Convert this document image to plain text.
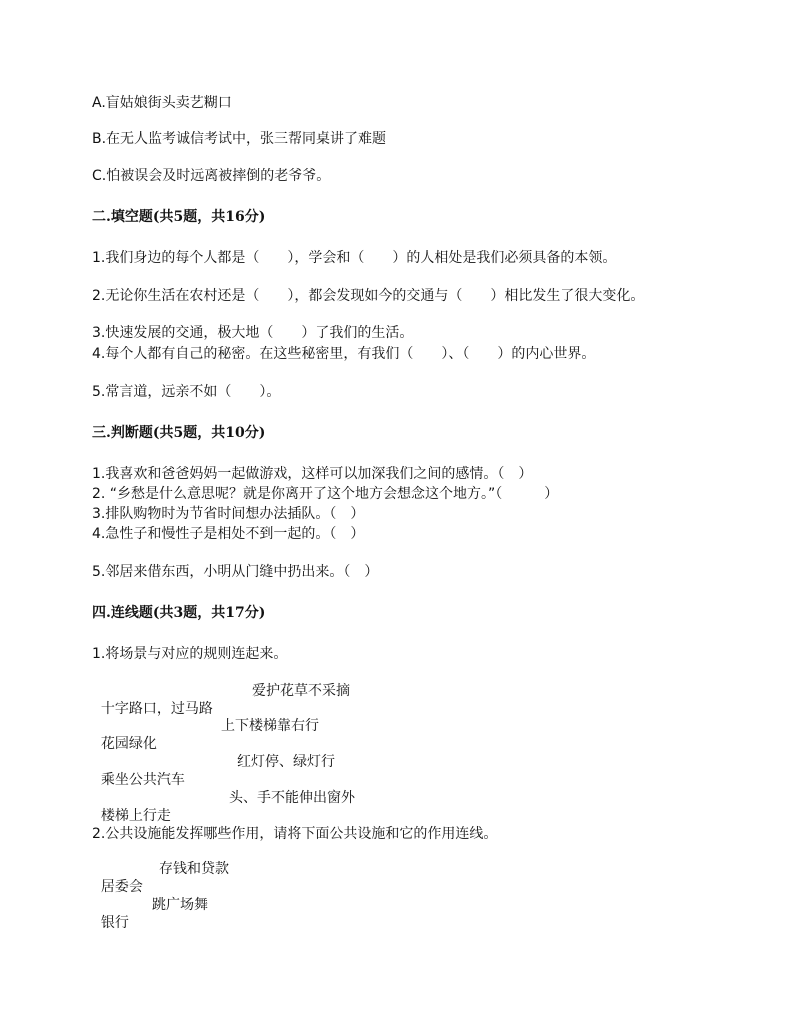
A.盲姑娘街头卖艺糊口
B.在无人监考诚信考试中，张三帮同桌讲了难题
C.怕被误会及时远离被摔倒的老爷爷。
二.填空题(共5题，共16分)
1.我们身边的每个人都是（　　），学会和（　　）的人相处是我们必须具备的本领。
2.无论你生活在农村还是（　　），都会发现如今的交通与（　　）相比发生了很大变化。
3.快速发展的交通，极大地（　　）了我们的生活。
4.每个人都有自己的秘密。在这些秘密里，有我们（　　）、（　　）的内心世界。
5.常言道，远亲不如（　　）。
三.判断题(共5题，共10分)
1.我喜欢和爸爸妈妈一起做游戏，这样可以加深我们之间的感情。（　）
2. “乡愁是什么意思呢？就是你离开了这个地方会想念这个地方。”（　　　）
3.排队购物时为节省时间想办法插队。（　）
4.急性子和慢性子是相处不到一起的。（　）
5.邻居来借东西，小明从门缝中扔出来。（　）
四.连线题(共3题，共17分)
1.将场景与对应的规则连起来。

十字路口，过马路

爱护花草不采摘

花园绿化

上下楼梯靠右行

乘坐公共汽车

红灯停、绿灯行

楼梯上行走

头、手不能伸出窗外

2.公共设施能发挥哪些作用，请将下面公共设施和它的作用连线。

居委会

存钱和贷款

银行

跳广场舞
